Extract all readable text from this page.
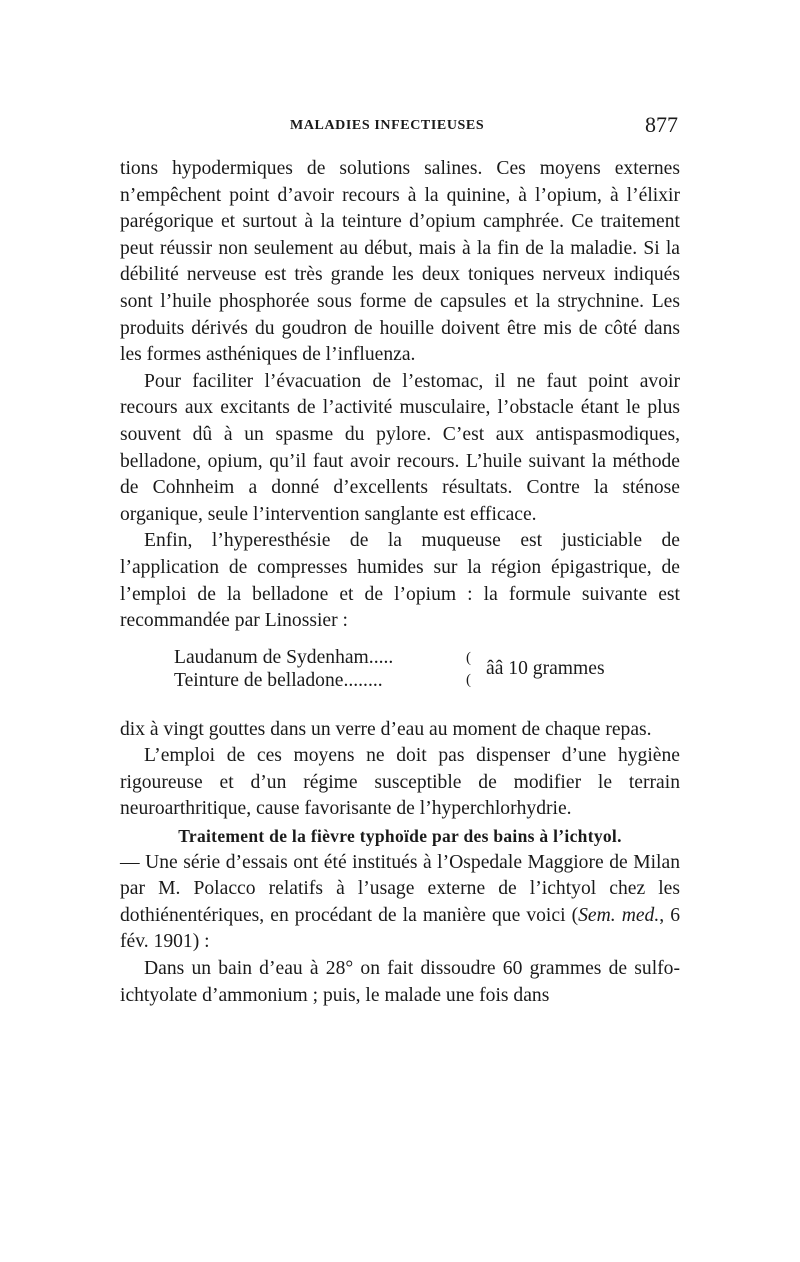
MALADIES INFECTIEUSES	877

tions hypodermiques de solutions salines. Ces moyens externes n’empêchent point d’avoir recours à la quinine, à l’opium, à l’élixir parégorique et surtout à la teinture d’opium camphrée. Ce traitement peut réussir non seulement au début, mais à la fin de la maladie. Si la débilité nerveuse est très grande les deux toniques nerveux indiqués sont l’huile phosphorée sous forme de capsules et la strychnine. Les produits dérivés du goudron de houille doivent être mis de côté dans les formes asthéniques de l’influenza.

Pour faciliter l’évacuation de l’estomac, il ne faut point avoir recours aux excitants de l’activité musculaire, l’obstacle étant le plus souvent dû à un spasme du pylore. C’est aux antispasmodiques, belladone, opium, qu’il faut avoir recours. L’huile suivant la méthode de Cohnheim a donné d’excellents résultats. Contre la sténose organique, seule l’intervention sanglante est efficace.

Enfin, l’hyperesthésie de la muqueuse est justiciable de l’application de compresses humides sur la région épigastrique, de l’emploi de la belladone et de l’opium : la formule suivante est recommandée par Linossier :

Laudanum de Sydenham.....
Teinture de belladone........
(
(
ââ 10 grammes

dix à vingt gouttes dans un verre d’eau au moment de chaque repas.

L’emploi de ces moyens ne doit pas dispenser d’une hygiène rigoureuse et d’un régime susceptible de modifier le terrain neuroarthritique, cause favorisante de l’hyperchlorhydrie.

Traitement de la fièvre typhoïde par des bains à l’ichtyol.

— Une série d’essais ont été institués à l’Ospedale Maggiore de Milan par M. Polacco relatifs à l’usage externe de l’ichtyol chez les dothiénentériques, en procédant de la manière que voici (Sem. med., 6 fév. 1901) :

Dans un bain d’eau à 28° on fait dissoudre 60 grammes de sulfo-ichtyolate d’ammonium ; puis, le malade une fois dans
